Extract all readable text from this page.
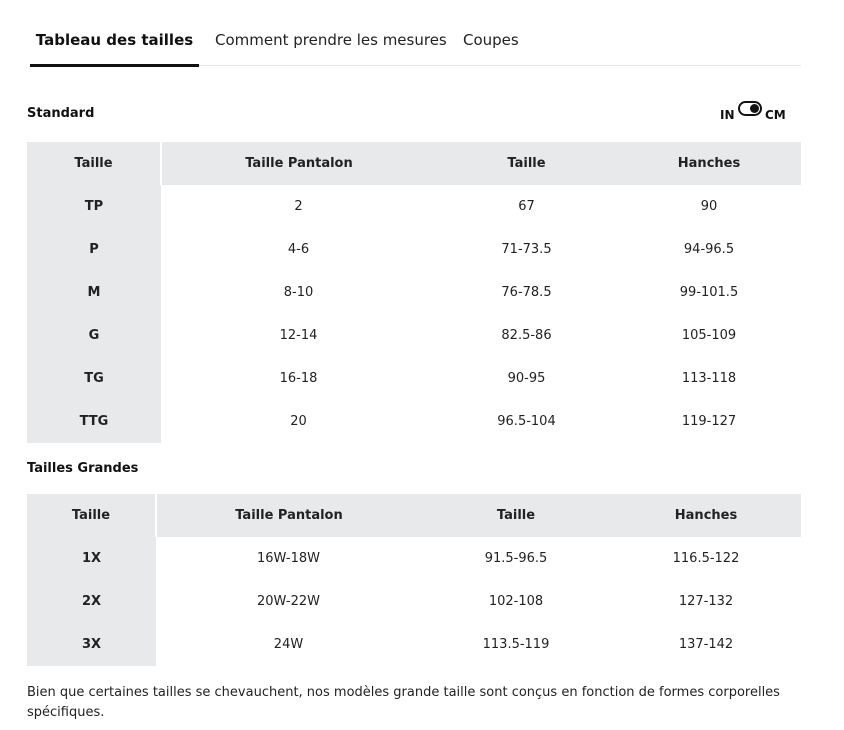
Tableau des tailles	Comment prendre les mesures Coupes
Standard	IN	CM
Taille	Taille Pantalon	Taille	Hanches
TP	2	67	90
P	4-6	71-73.5	94-96.5
M	8-10	76-78.5	99-101.5
G	12-14	82.5-86	105-109
TG	16-18	90-95	113-118
TTG	20	96.5-104	119-127
Tailles Grandes
Taille	Taille Pantalon	Taille	Hanches
1X	16W-18W	91.5-96.5	116.5-122
2X	20W-22W	102-108	127-132
3X	24W	113.5-119	137-142
Bien que certaines tailles se chevauchent, nos modèles grande taille sont conçus en fonction de formes corporelles spécifiques.
